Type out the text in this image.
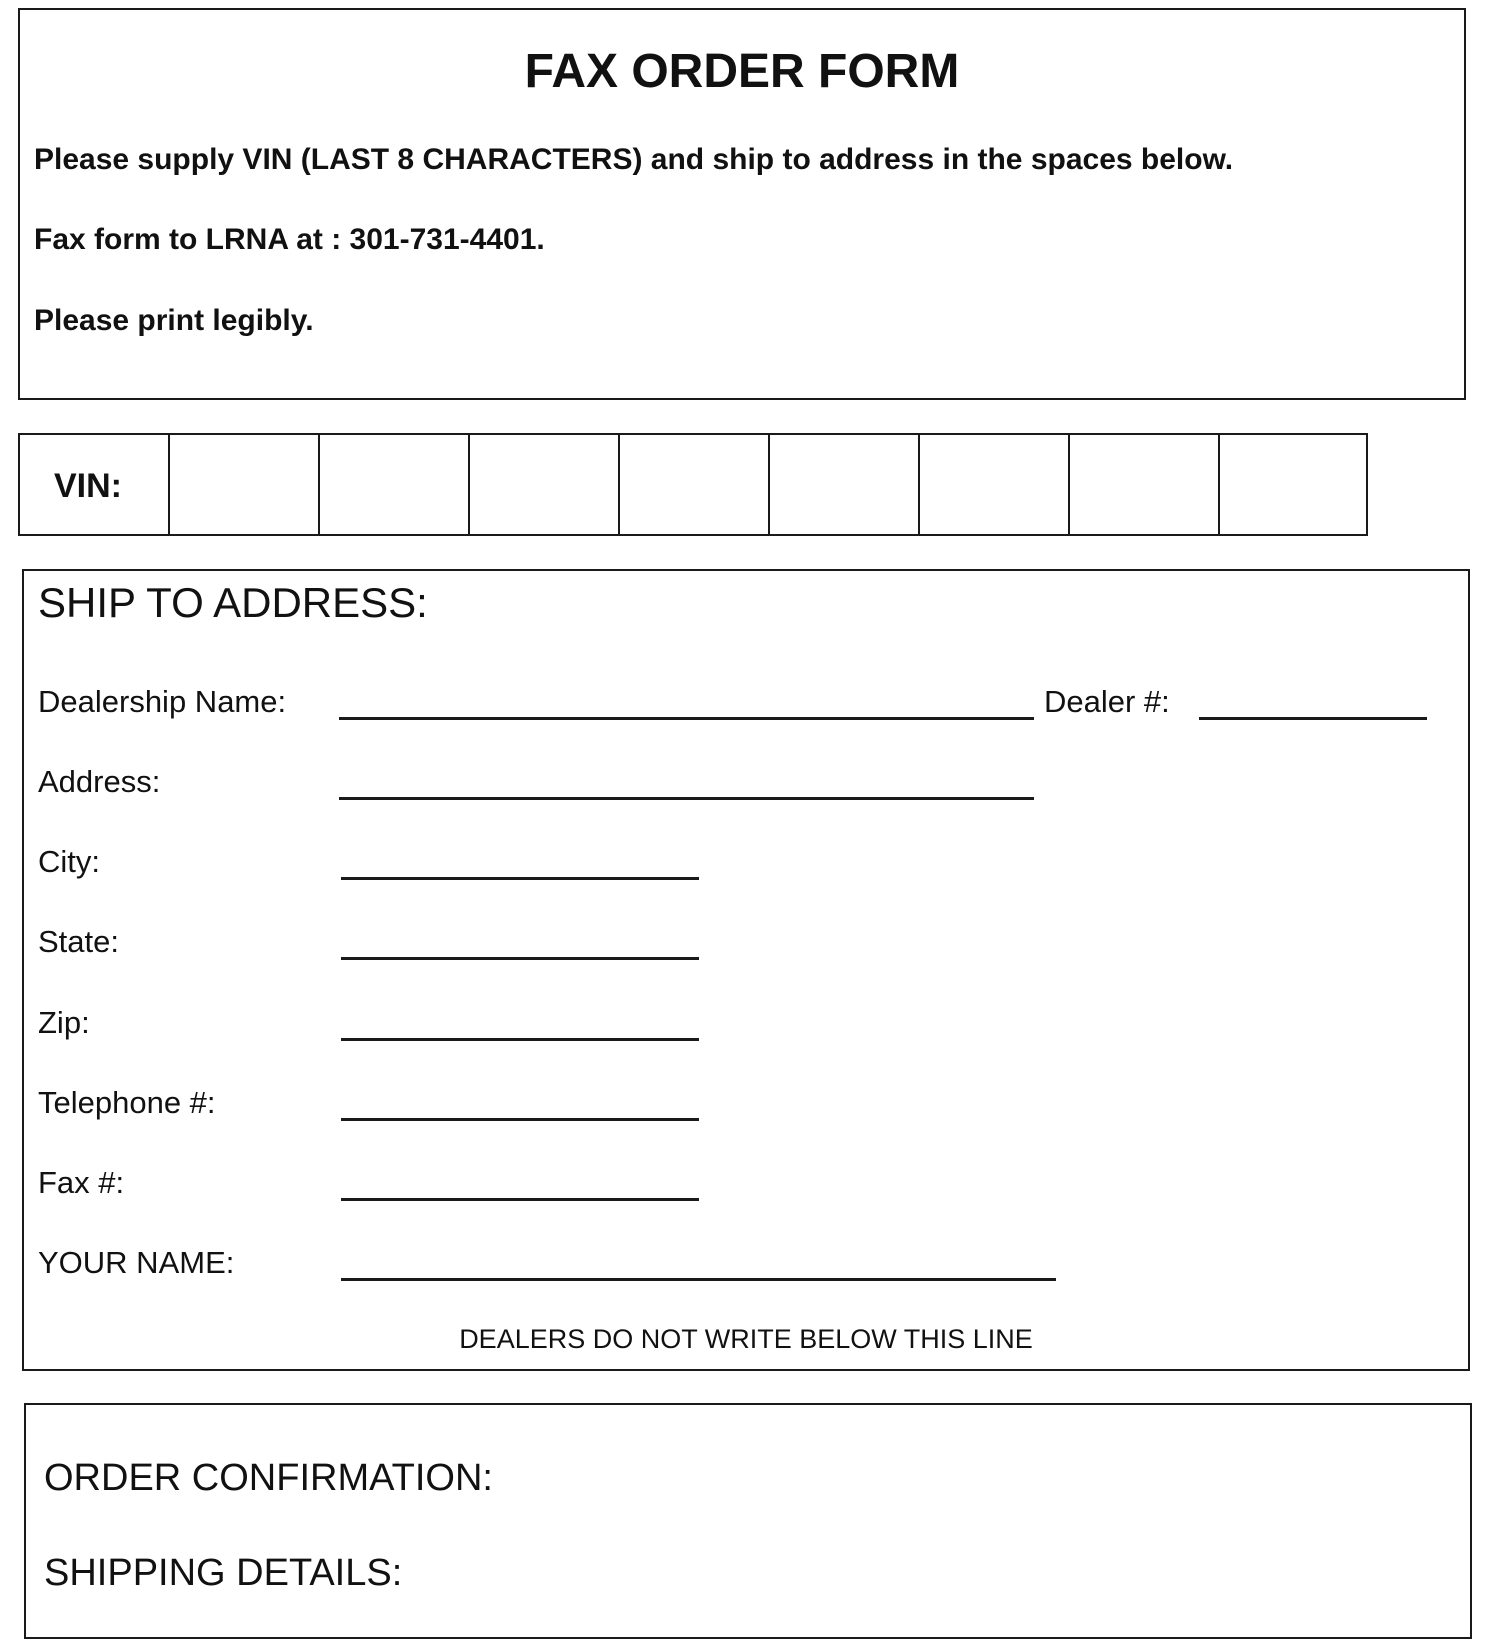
FAX ORDER FORM
Please supply VIN (LAST 8 CHARACTERS) and ship to address in the spaces below.
Fax form to LRNA at : 301-731-4401.
Please print legibly.
VIN:
SHIP TO ADDRESS:
Dealership Name:	Dealer #:
Address:
City:
State:
Zip:
Telephone #:
Fax #:
YOUR NAME:
DEALERS DO NOT WRITE BELOW THIS LINE
ORDER CONFIRMATION:
SHIPPING DETAILS:
